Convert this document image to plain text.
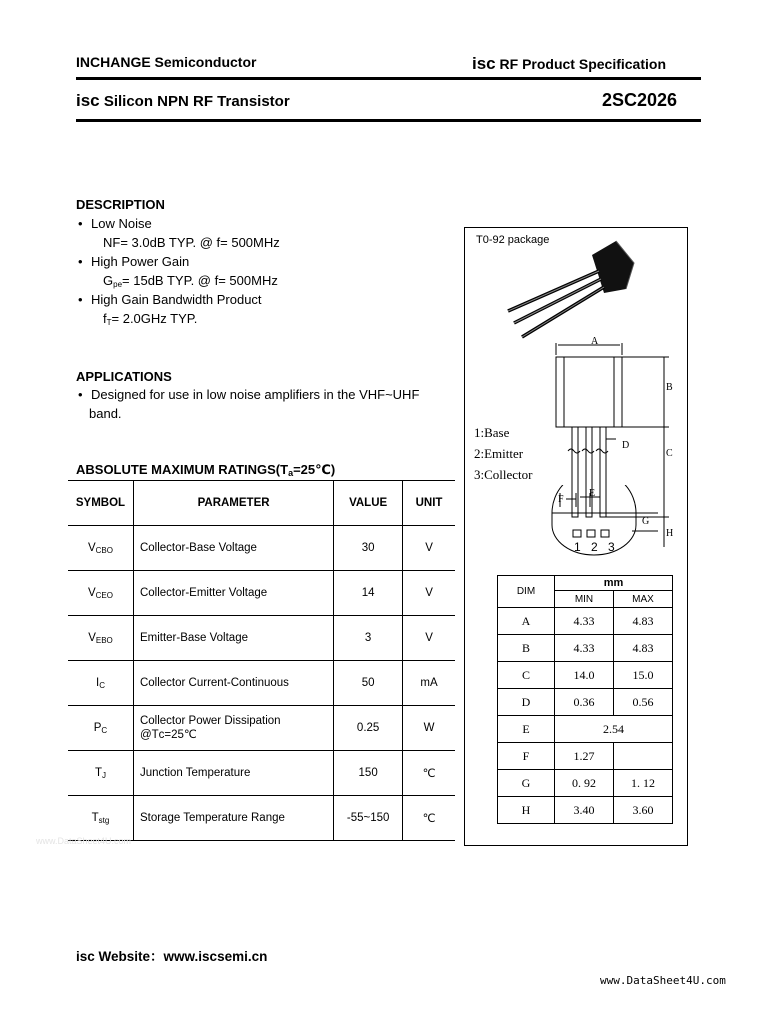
INCHANGE Semiconductor	isc RF Product Specification
isc Silicon NPN RF Transistor	2SC2026
DESCRIPTION
• Low Noise
NF= 3.0dB TYP. @ f= 500MHz
• High Power Gain
$G_{pe}= 15dB$ TYP. @ f= 500MHz
• High Gain Bandwidth Product
$f_T= 2.0GHz$ TYP.
APPLICATIONS
• Designed for use in low noise amplifiers in the VHF~UHF
band.
ABSOLUTE MAXIMUM $RATINGS(T_a=25℃)$
SYMBOL	PARAMETER	VALUE	UNIT
$V_{CBO}$	Collector-Base Voltage	30	V
$V_{CEO}$	Collector-Emitter Voltage	14	V
$V_{EBO}$	Emitter-Base Voltage	3	V
$I_C$	Collector Current-Continuous	50	mA
$P_C$	Collector Power Dissipation
@Tᴄ=25℃	0.25	W
$T_J$	Junction Temperature	150	℃
$T_{stg}$	Storage Temperature Range	-55~150	℃
T0-92 package
A
B
C
D
E
F
G
H
1:Base
2:Emitter
3:Collector
1 2 3
DIM	mm	
	MIN	MAX
A	4.33	4.83
B	4.33	4.83
C	14.0	15.0
D	0.36	0.56
E	2.54	
F	1.27	
G	0. 92	1. 12
H	3.40	3.60
www.DataSheet4U.com
isc Website：www.iscsemi.cn
www.DataSheet4U.com
